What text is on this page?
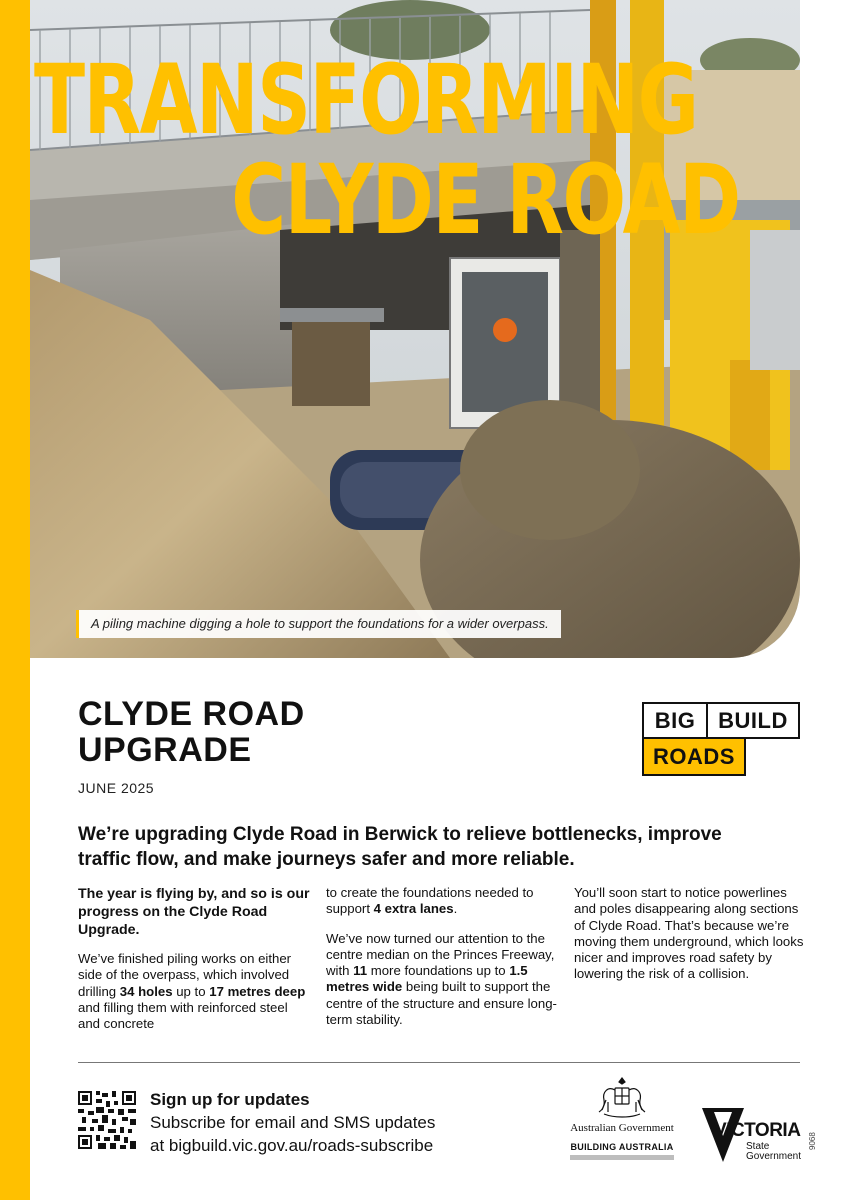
TRANSFORMING
CLYDE ROAD
A piling machine digging a hole to support the foundations for a wider overpass.
CLYDE ROAD
UPGRADE
JUNE 2025
BIG	BUILD
ROADS
We’re upgrading Clyde Road in Berwick to relieve bottlenecks, improve traffic flow, and make journeys safer and more reliable.

The year is flying by, and so is our progress on the Clyde Road Upgrade.

We’ve finished piling works on either side of the overpass, which involved drilling 34 holes up to 17 metres deep and filling them with reinforced steel and concrete

to create the foundations needed to support 4 extra lanes.

We’ve now turned our attention to the centre median on the Princes Freeway, with 11 more foundations up to 1.5 metres wide being built to support the centre of the structure and ensure long-term stability.

You’ll soon start to notice powerlines and poles disappearing along sections of Clyde Road. That’s because we’re moving them underground, which looks nicer and improves road safety by lowering the risk of a collision.

Sign up for updates
Subscribe for email and SMS updates
at bigbuild.vic.gov.au/roads-subscribe
Australian Government
BUILDING AUSTRALIA
VICTORIA
State
Government
9068
